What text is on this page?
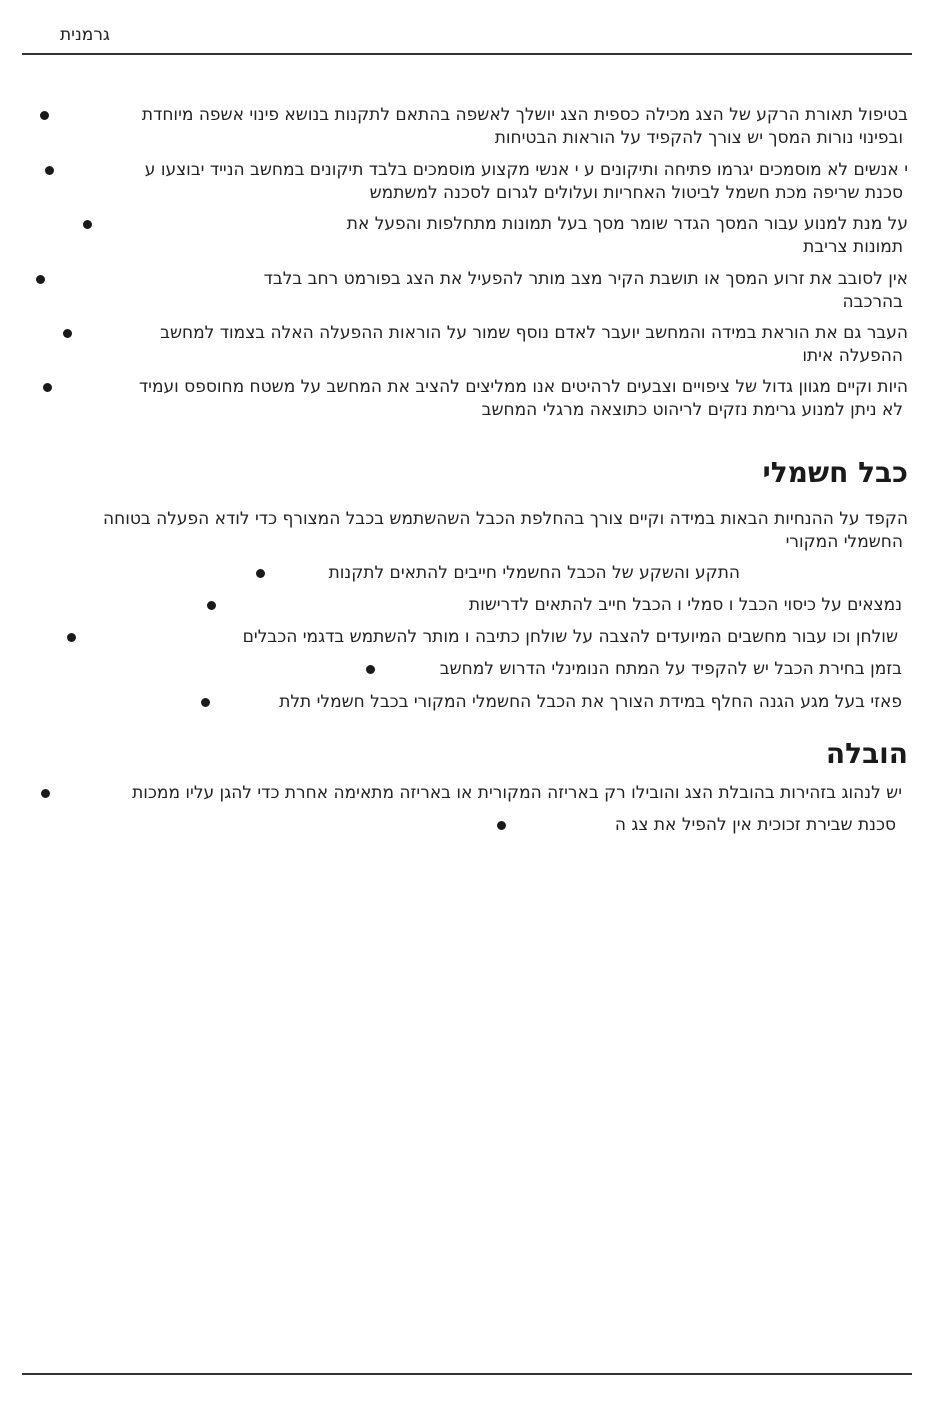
גרמנית
בטיפול תאורת הרקע של הצג מכילה כספית הצג יושלך לאשפה בהתאם לתקנות בנושא פינוי אשפה מיוחדת
ובפינוי נורות המסך יש צורך להקפיד על הוראות הבטיחות
י אנשים לא מוסמכים יגרמו פתיחה ותיקונים ע י אנשי מקצוע מוסמכים בלבד תיקונים במחשב הנייד יבוצעו ע
סכנת שריפה מכת חשמל לביטול האחריות ועלולים לגרום לסכנה למשתמש
על מנת למנוע עבור המסך הגדר שומר מסך בעל תמונות מתחלפות והפעל את
תמונות צריבת
אין לסובב את זרוע המסך או תושבת הקיר מצב מותר להפעיל את הצג בפורמט רחב בלבד
בהרכבה
העבר גם את הוראת במידה והמחשב יועבר לאדם נוסף שמור על הוראות ההפעלה האלה בצמוד למחשב
ההפעלה איתו
היות וקיים מגוון גדול של ציפויים וצבעים לרהיטים אנו ממליצים להציב את המחשב על משטח מחוספס ועמיד
לא ניתן למנוע גרימת נזקים לריהוט כתוצאה מרגלי המחשב
כבל חשמלי
הקפד על ההנחיות הבאות במידה וקיים צורך בהחלפת הכבל השהשתמש בכבל המצורף כדי לודא הפעלה בטוחה
החשמלי המקורי
התקע והשקע של הכבל החשמלי חייבים להתאים לתקנות
נמצאים על כיסוי הכבל ו סמלי ו הכבל חייב להתאים לדרישות
שולחן וכו עבור מחשבים המיועדים להצבה על שולחן כתיבה ו מותר להשתמש בדגמי הכבלים
בזמן בחירת הכבל יש להקפיד על המתח הנומינלי הדרוש למחשב
פאזי בעל מגע הגנה החלף במידת הצורך את הכבל החשמלי המקורי בכבל חשמלי תלת
הובלה
יש לנהוג בזהירות בהובלת הצג והובילו רק באריזה המקורית או באריזה מתאימה אחרת כדי להגן עליו ממכות
סכנת שבירת זכוכית אין להפיל את צג ה
